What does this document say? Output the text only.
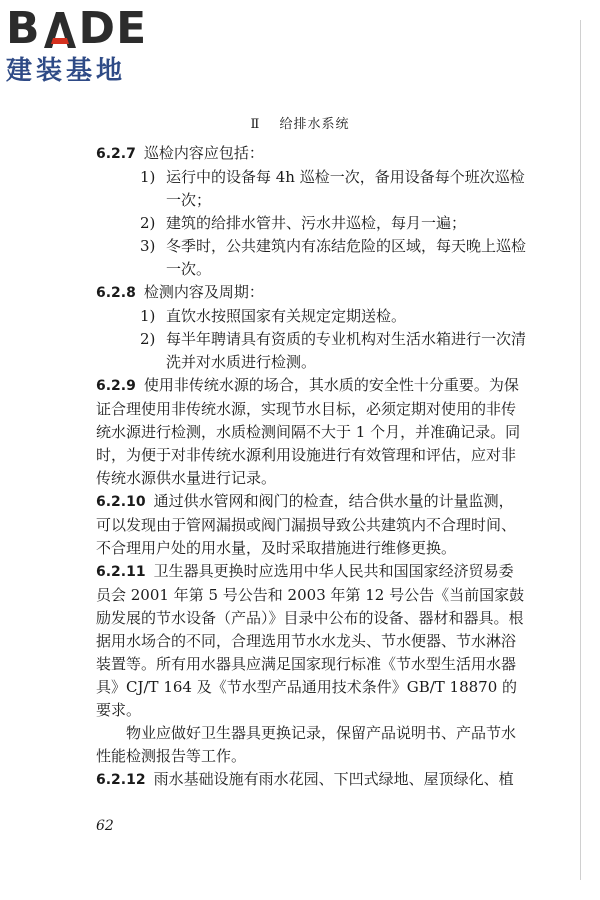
B DE
建装基地
Ⅱ 给排水系统

6.2.7 巡检内容应包括：

1) 运行中的设备每 4h 巡检一次，备用设备每个班次巡检一次；

2) 建筑的给排水管井、污水井巡检，每月一遍；

3) 冬季时，公共建筑内有冻结危险的区域，每天晚上巡检一次。

6.2.8 检测内容及周期：

1) 直饮水按照国家有关规定定期送检。

2) 每半年聘请具有资质的专业机构对生活水箱进行一次清洗并对水质进行检测。

6.2.9 使用非传统水源的场合，其水质的安全性十分重要。为保证合理使用非传统水源，实现节水目标，必须定期对使用的非传统水源进行检测，水质检测间隔不大于 1 个月，并准确记录。同时，为便于对非传统水源利用设施进行有效管理和评估，应对非传统水源供水量进行记录。

6.2.10 通过供水管网和阀门的检查，结合供水量的计量监测，可以发现由于管网漏损或阀门漏损导致公共建筑内不合理时间、不合理用户处的用水量，及时采取措施进行维修更换。

6.2.11 卫生器具更换时应选用中华人民共和国国家经济贸易委员会 2001 年第 5 号公告和 2003 年第 12 号公告《当前国家鼓励发展的节水设备（产品）》目录中公布的设备、器材和器具。根据用水场合的不同，合理选用节水水龙头、节水便器、节水淋浴装置等。所有用水器具应满足国家现行标准《节水型生活用水器具》CJ/T 164 及《节水型产品通用技术条件》GB/T 18870 的要求。

物业应做好卫生器具更换记录，保留产品说明书、产品节水性能检测报告等工作。

6.2.12 雨水基础设施有雨水花园、下凹式绿地、屋顶绿化、植

62
